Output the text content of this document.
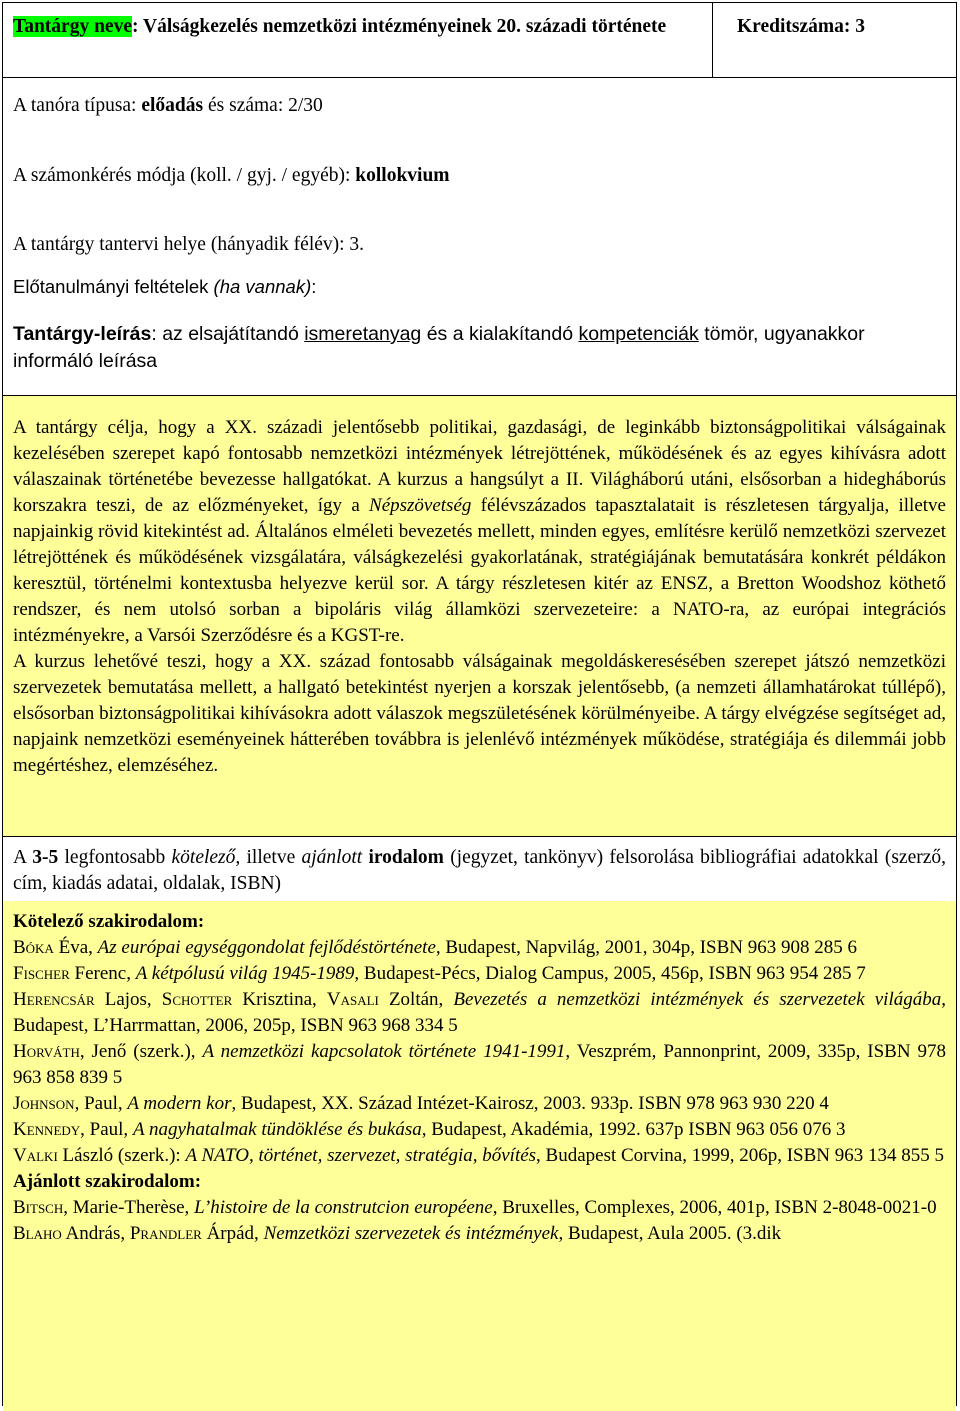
Tantárgy neve: Válságkezelés nemzetközi intézményeinek 20. századi története	Kreditszáma: 3
A tanóra típusa: előadás és száma: 2/30
A számonkérés módja (koll. / gyj. / egyéb): kollokvium
A tantárgy tantervi helye (hányadik félév): 3.
Előtanulmányi feltételek (ha vannak):
Tantárgy-leírás: az elsajátítandó ismeretanyag és a kialakítandó kompetenciák tömör, ugyanakkor informáló leírása

A tantárgy célja, hogy a XX. századi jelentősebb politikai, gazdasági, de leginkább biztonságpolitikai válságainak kezelésében szerepet kapó fontosabb nemzetközi intézmények létrejöttének, működésének és az egyes kihívásra adott válaszainak történetébe bevezesse hallgatókat. A kurzus a hangsúlyt a II. Világháború utáni, elsősorban a hidegháborús korszakra teszi, de az előzményeket, így a Népszövetség félévszázados tapasztalatait is részletesen tárgyalja, illetve napjainkig rövid kitekintést ad. Általános elméleti bevezetés mellett, minden egyes, említésre kerülő nemzetközi szervezet létrejöttének és működésének vizsgálatára, válságkezelési gyakorlatának, stratégiájának bemutatására konkrét példákon keresztül, történelmi kontextusba helyezve kerül sor. A tárgy részletesen kitér az ENSZ, a Bretton Woodshoz köthető rendszer, és nem utolsó sorban a bipoláris világ államközi szervezeteire: a NATO-ra, az európai integrációs intézményekre, a Varsói Szerződésre és a KGST-re.

A kurzus lehetővé teszi, hogy a XX. század fontosabb válságainak megoldáskeresésében szerepet játszó nemzetközi szervezetek bemutatása mellett, a hallgató betekintést nyerjen a korszak jelentősebb, (a nemzeti államhatárokat túllépő), elsősorban biztonságpolitikai kihívásokra adott válaszok megszületésének körülményeibe. A tárgy elvégzése segítséget ad, napjaink nemzetközi eseményeinek hátterében továbbra is jelenlévő intézmények működése, stratégiája és dilemmái jobb megértéshez, elemzéséhez.

A 3-5 legfontosabb kötelező, illetve ajánlott irodalom (jegyzet, tankönyv) felsorolása bibliográfiai adatokkal (szerző, cím, kiadás adatai, oldalak, ISBN)

Kötelező szakirodalom:

Bóka Éva, Az európai egységgondolat fejlődéstörténete, Budapest, Napvilág, 2001, 304p, ISBN 963 908 285 6

Fischer Ferenc, A kétpólusú világ 1945-1989, Budapest-Pécs, Dialog Campus, 2005, 456p, ISBN 963 954 285 7

Herencsár Lajos, Schotter Krisztina, Vasali Zoltán, Bevezetés a nemzetközi intézmények és szervezetek világába, Budapest, L’Harrmattan, 2006, 205p, ISBN 963 968 334 5

Horváth, Jenő (szerk.), A nemzetközi kapcsolatok története 1941-1991, Veszprém, Pannonprint, 2009, 335p, ISBN 978 963 858 839 5

Johnson, Paul, A modern kor, Budapest, XX. Század Intézet-Kairosz, 2003. 933p. ISBN 978 963 930 220 4

Kennedy, Paul, A nagyhatalmak tündöklése és bukása, Budapest, Akadémia, 1992. 637p ISBN 963 056 076 3

Valki László (szerk.): A NATO, történet, szervezet, stratégia, bővítés, Budapest Corvina, 1999, 206p, ISBN 963 134 855 5

Ajánlott szakirodalom:

Bitsch, Marie-Therèse, L’histoire de la construtcion européene, Bruxelles, Complexes, 2006, 401p, ISBN 2-8048-0021-0

Blaho András, Prandler Árpád, Nemzetközi szervezetek és intézmények, Budapest, Aula 2005. (3.dik
